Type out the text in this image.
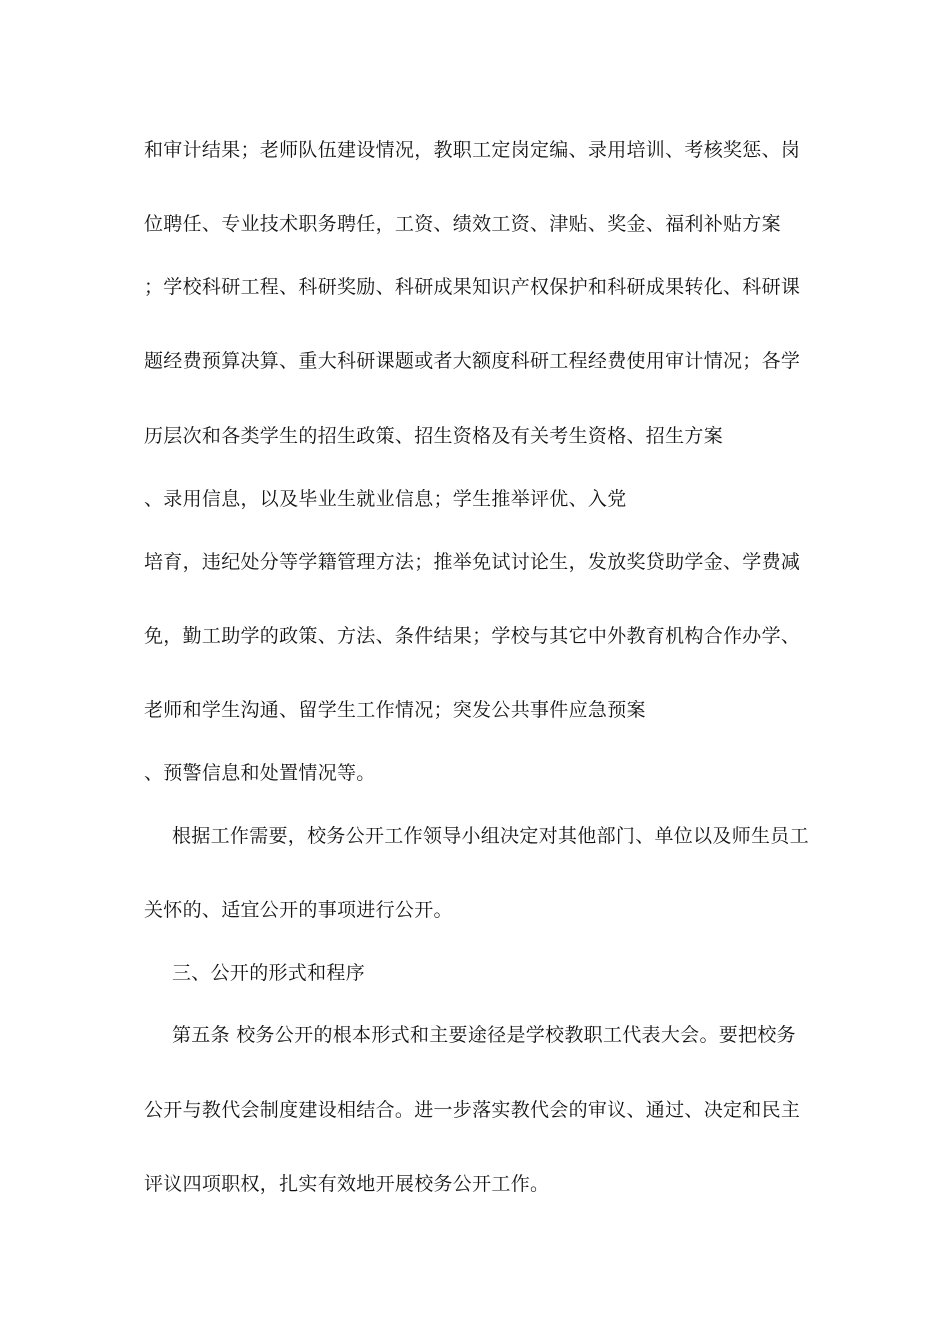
和审计结果；老师队伍建设情况，教职工定岗定编、录用培训、考核奖惩、岗
位聘任、专业技术职务聘任，工资、绩效工资、津贴、奖金、福利补贴方案
；学校科研工程、科研奖励、科研成果知识产权保护和科研成果转化、科研课
题经费预算决算、重大科研课题或者大额度科研工程经费使用审计情况；各学
历层次和各类学生的招生政策、招生资格及有关考生资格、招生方案
、录用信息，以及毕业生就业信息；学生推举评优、入党
培育，违纪处分等学籍管理方法；推举免试讨论生，发放奖贷助学金、学费减
免，勤工助学的政策、方法、条件结果；学校与其它中外教育机构合作办学、
老师和学生沟通、留学生工作情况；突发公共事件应急预案
、预警信息和处置情况等。
根据工作需要，校务公开工作领导小组决定对其他部门、单位以及师生员工
关怀的、适宜公开的事项进行公开。
三、公开的形式和程序
第五条 校务公开的根本形式和主要途径是学校教职工代表大会。要把校务
公开与教代会制度建设相结合。进一步落实教代会的审议、通过、决定和民主
评议四项职权，扎实有效地开展校务公开工作。
